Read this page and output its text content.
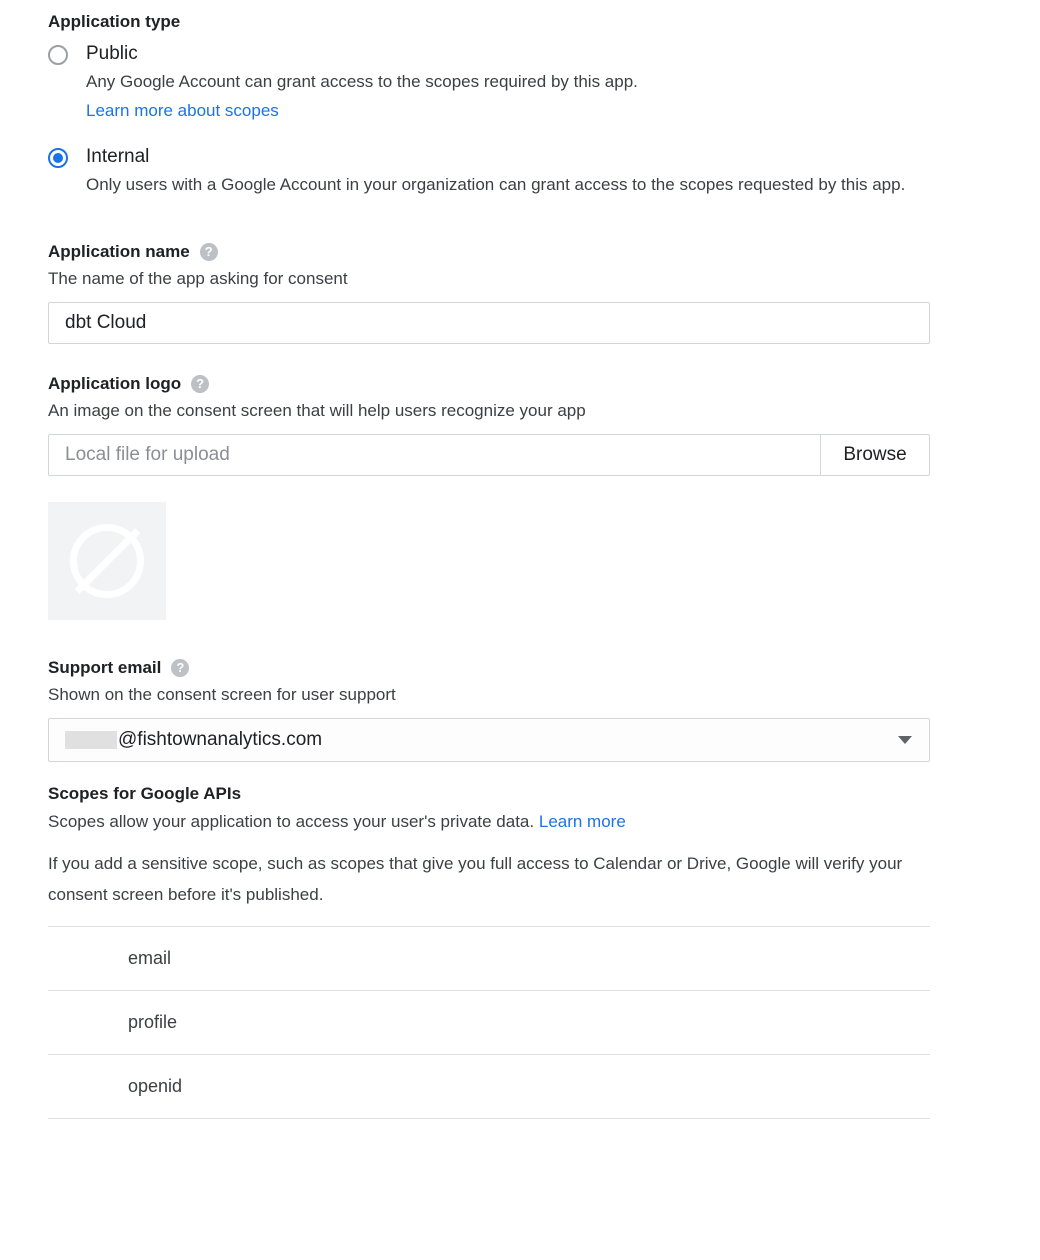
Application type
Public
Any Google Account can grant access to the scopes required by this app.
Learn more about scopes
Internal
Only users with a Google Account in your organization can grant access to the scopes requested by this app.
Application name	?
The name of the app asking for consent
dbt Cloud
Application logo	?
An image on the consent screen that will help users recognize your app
Local file for upload
Browse
Support email	?
Shown on the consent screen for user support
@fishtownanalytics.com
Scopes for Google APIs
Scopes allow your application to access your user's private data. Learn more
If you add a sensitive scope, such as scopes that give you full access to Calendar or Drive, Google will verify your consent screen before it's published.
email
profile
openid
